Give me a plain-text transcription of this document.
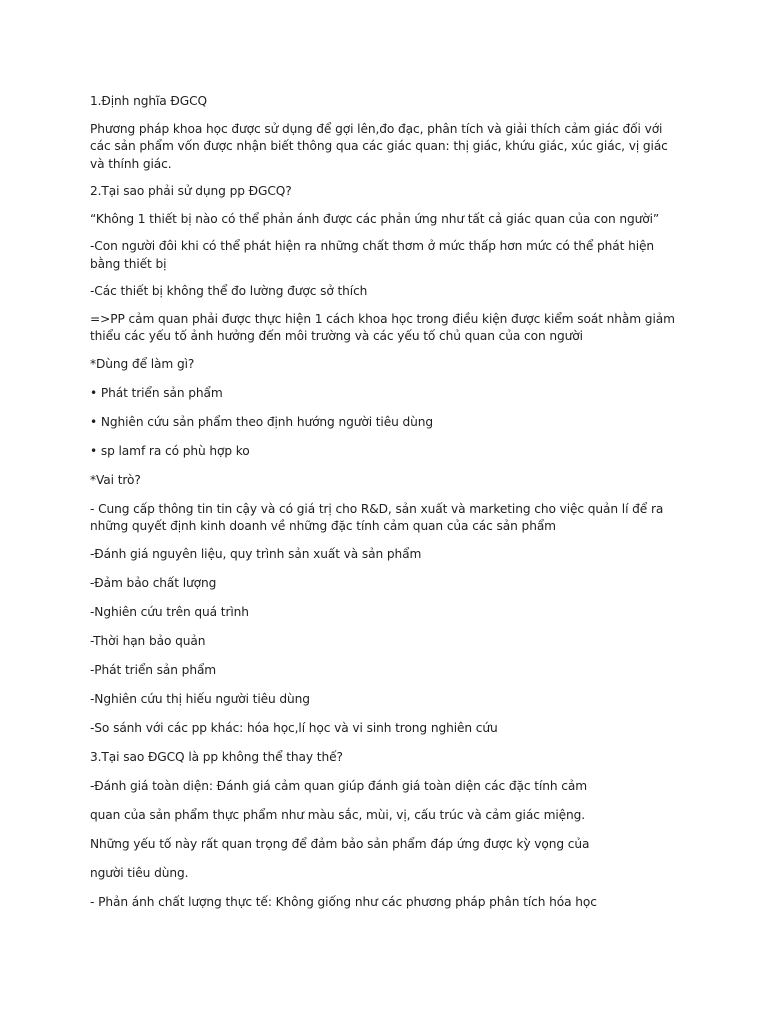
1.Định nghĩa ĐGCQ

Phương pháp khoa học được sử dụng để gợi lên,đo đạc, phân tích và giải thích cảm giác đối với các sản phẩm vốn được nhận biết thông qua các giác quan: thị giác, khứu giác, xúc giác, vị giác và thính giác.

2.Tại sao phải sử dụng pp ĐGCQ?

“Không 1 thiết bị nào có thể phản ánh được các phản ứng như tất cả giác quan của con người”

-Con người đôi khi có thể phát hiện ra những chất thơm ở mức thấp hơn mức có thể phát hiện bằng thiết bị

-Các thiết bị không thể đo lường được sở thích

=>PP cảm quan phải được thực hiện 1 cách khoa học trong điều kiện được kiểm soát nhằm giảm thiểu các yếu tố ảnh hưởng đến môi trường và các yếu tố chủ quan của con người

*Dùng để làm gì?

• Phát triển sản phẩm

• Nghiên cứu sản phẩm theo định hướng người tiêu dùng

• sp lamf ra có phù hợp ko

*Vai trò?

- Cung cấp thông tin tin cậy và có giá trị cho R&D, sản xuất và marketing cho việc quản lí để ra những quyết định kinh doanh về những đặc tính cảm quan của các sản phẩm

-Đánh giá nguyên liệu, quy trình sản xuất và sản phẩm

-Đảm bảo chất lượng

-Nghiên cứu trên quá trình

-Thời hạn bảo quản

-Phát triển sản phẩm

-Nghiên cứu thị hiếu người tiêu dùng

-So sánh với các pp khác: hóa học,lí học và vi sinh trong nghiên cứu

3.Tại sao ĐGCQ là pp không thể thay thế?

-Đánh giá toàn diện: Đánh giá cảm quan giúp đánh giá toàn diện các đặc tính cảm

quan của sản phẩm thực phẩm như màu sắc, mùi, vị, cấu trúc và cảm giác miệng.

Những yếu tố này rất quan trọng để đảm bảo sản phẩm đáp ứng được kỳ vọng của

người tiêu dùng.

- Phản ánh chất lượng thực tế: Không giống như các phương pháp phân tích hóa học
